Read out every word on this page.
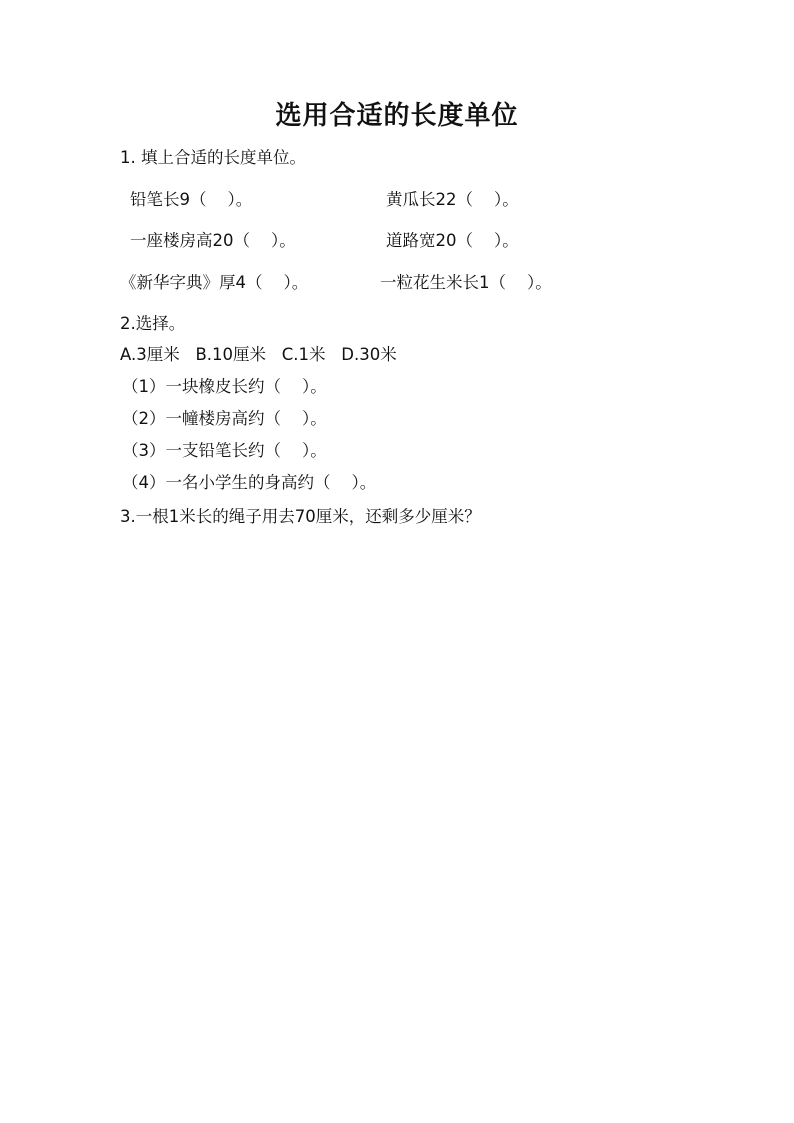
选用合适的长度单位
1. 填上合适的长度单位。
铅笔长9（    ）。	黄瓜长22（    ）。
一座楼房高20（    ）。	道路宽20（    ）。
《新华字典》厚4（    ）。	一粒花生米长1（    ）。
2.选择。
A.3厘米   B.10厘米   C.1米   D.30米
（1）一块橡皮长约（    ）。
（2）一幢楼房高约（    ）。
（3）一支铅笔长约（    ）。
（4）一名小学生的身高约（    ）。
3.一根1米长的绳子用去70厘米，还剩多少厘米？
